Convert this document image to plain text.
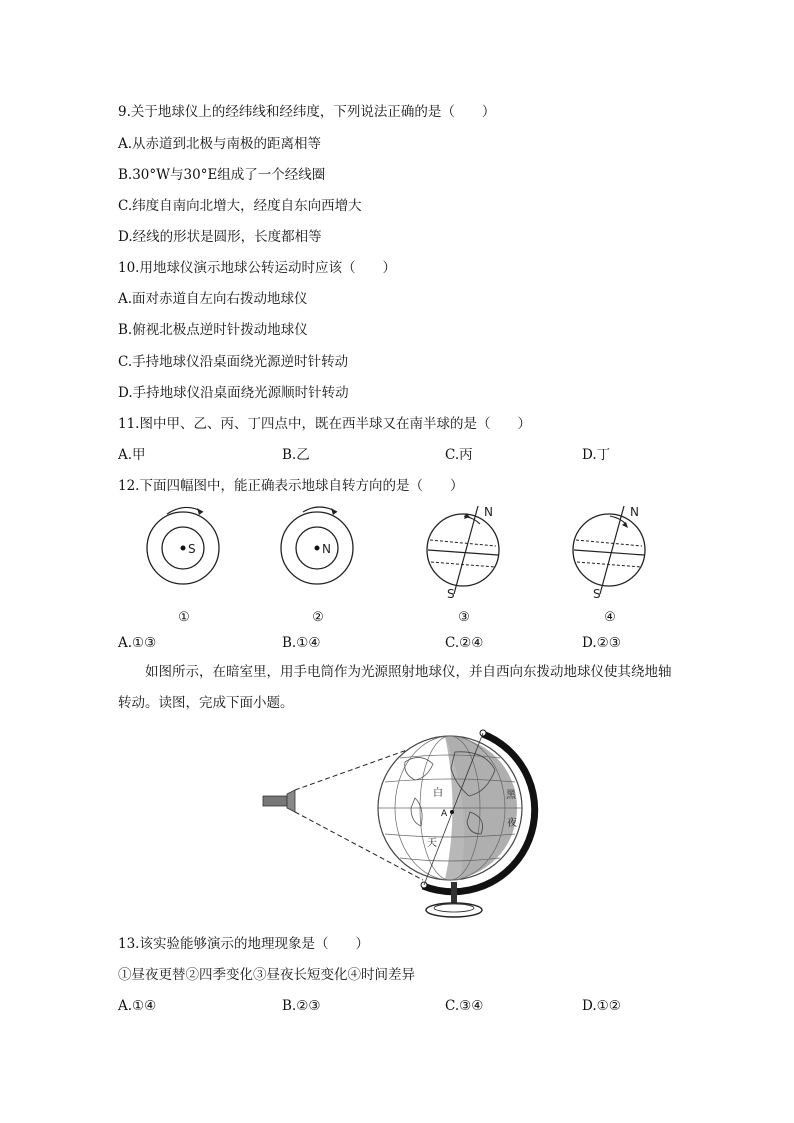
9.关于地球仪上的经纬线和经纬度，下列说法正确的是（　　）
A.从赤道到北极与南极的距离相等
B.30°W与30°E组成了一个经线圈
C.纬度自南向北增大，经度自东向西增大
D.经线的形状是圆形，长度都相等
10.用地球仪演示地球公转运动时应该（　　）
A.面对赤道自左向右拨动地球仪
B.俯视北极点逆时针拨动地球仪
C.手持地球仪沿桌面绕光源逆时针转动
D.手持地球仪沿桌面绕光源顺时针转动
11.图中甲、乙、丙、丁四点中，既在西半球又在南半球的是（　　）
A.甲	B.乙	C.丙	D.丁
12.下面四幅图中，能正确表示地球自转方向的是（　　）
S	N
N
S
N
S
①	②	③	④
A.①③	B.①④	C.②④	D.②③
如图所示，在暗室里，用手电筒作为光源照射地球仪，并自西向东拨动地球仪使其绕地轴转动。读图，完成下面小题。
白
天
黑
夜
A
13.该实验能够演示的地理现象是（　　）
①昼夜更替②四季变化③昼夜长短变化④时间差异
A.①④	B.②③	C.③④	D.①②
